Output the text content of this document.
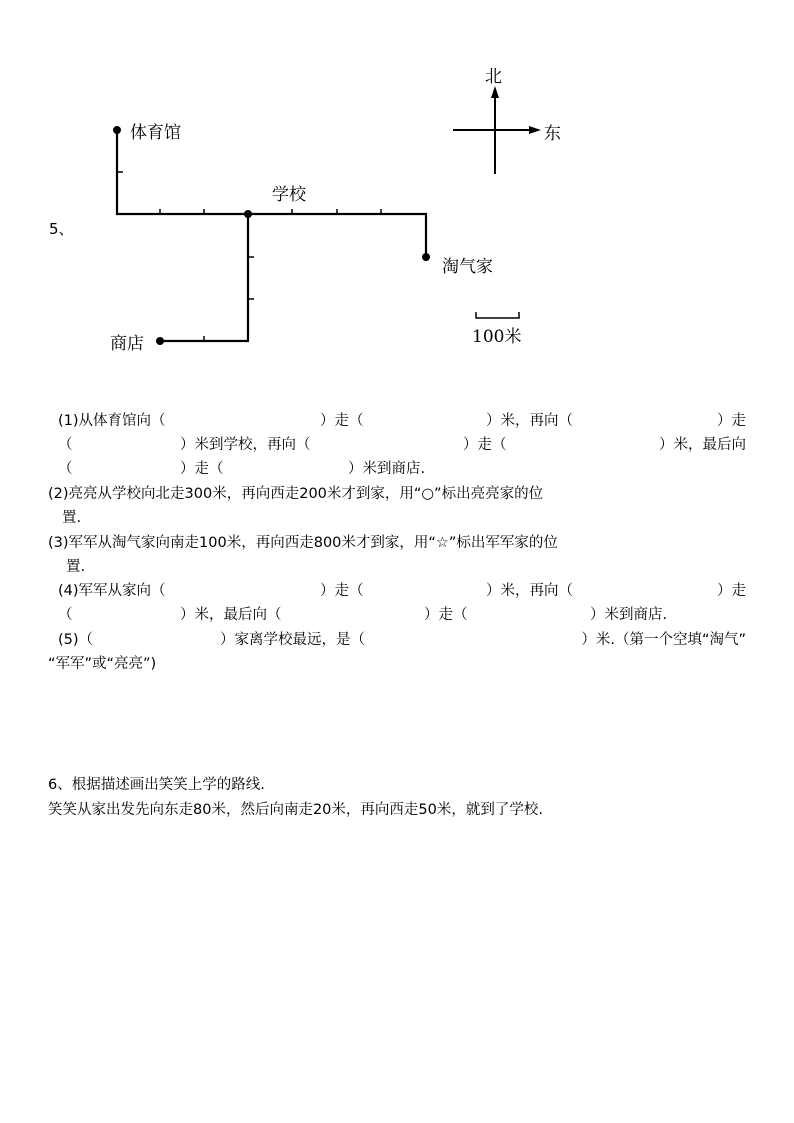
北
东
体育馆
学校
淘气家
商店	100米
5、
(1)从体育馆向（	）走（	）米，再向（	）走
（	）米到学校，再向（	）走（	）米，最后向
（	）走（	）米到商店.
(2)亮亮从学校向北走300米，再向西走200米才到家，用“○”标出亮亮家的位
置.
(3)军军从淘气家向南走100米，再向西走800米才到家，用“☆”标出军军家的位
置.
(4)军军从家向（	）走（	）米，再向（	）走
（	）米，最后向（	）走（	）米到商店.
(5)（	）家离学校最远，是（	）米.（第一个空填“淘气”
“军军”或“亮亮”)
6、根据描述画出笑笑上学的路线.
笑笑从家出发先向东走80米，然后向南走20米，再向西走50米，就到了学校.
